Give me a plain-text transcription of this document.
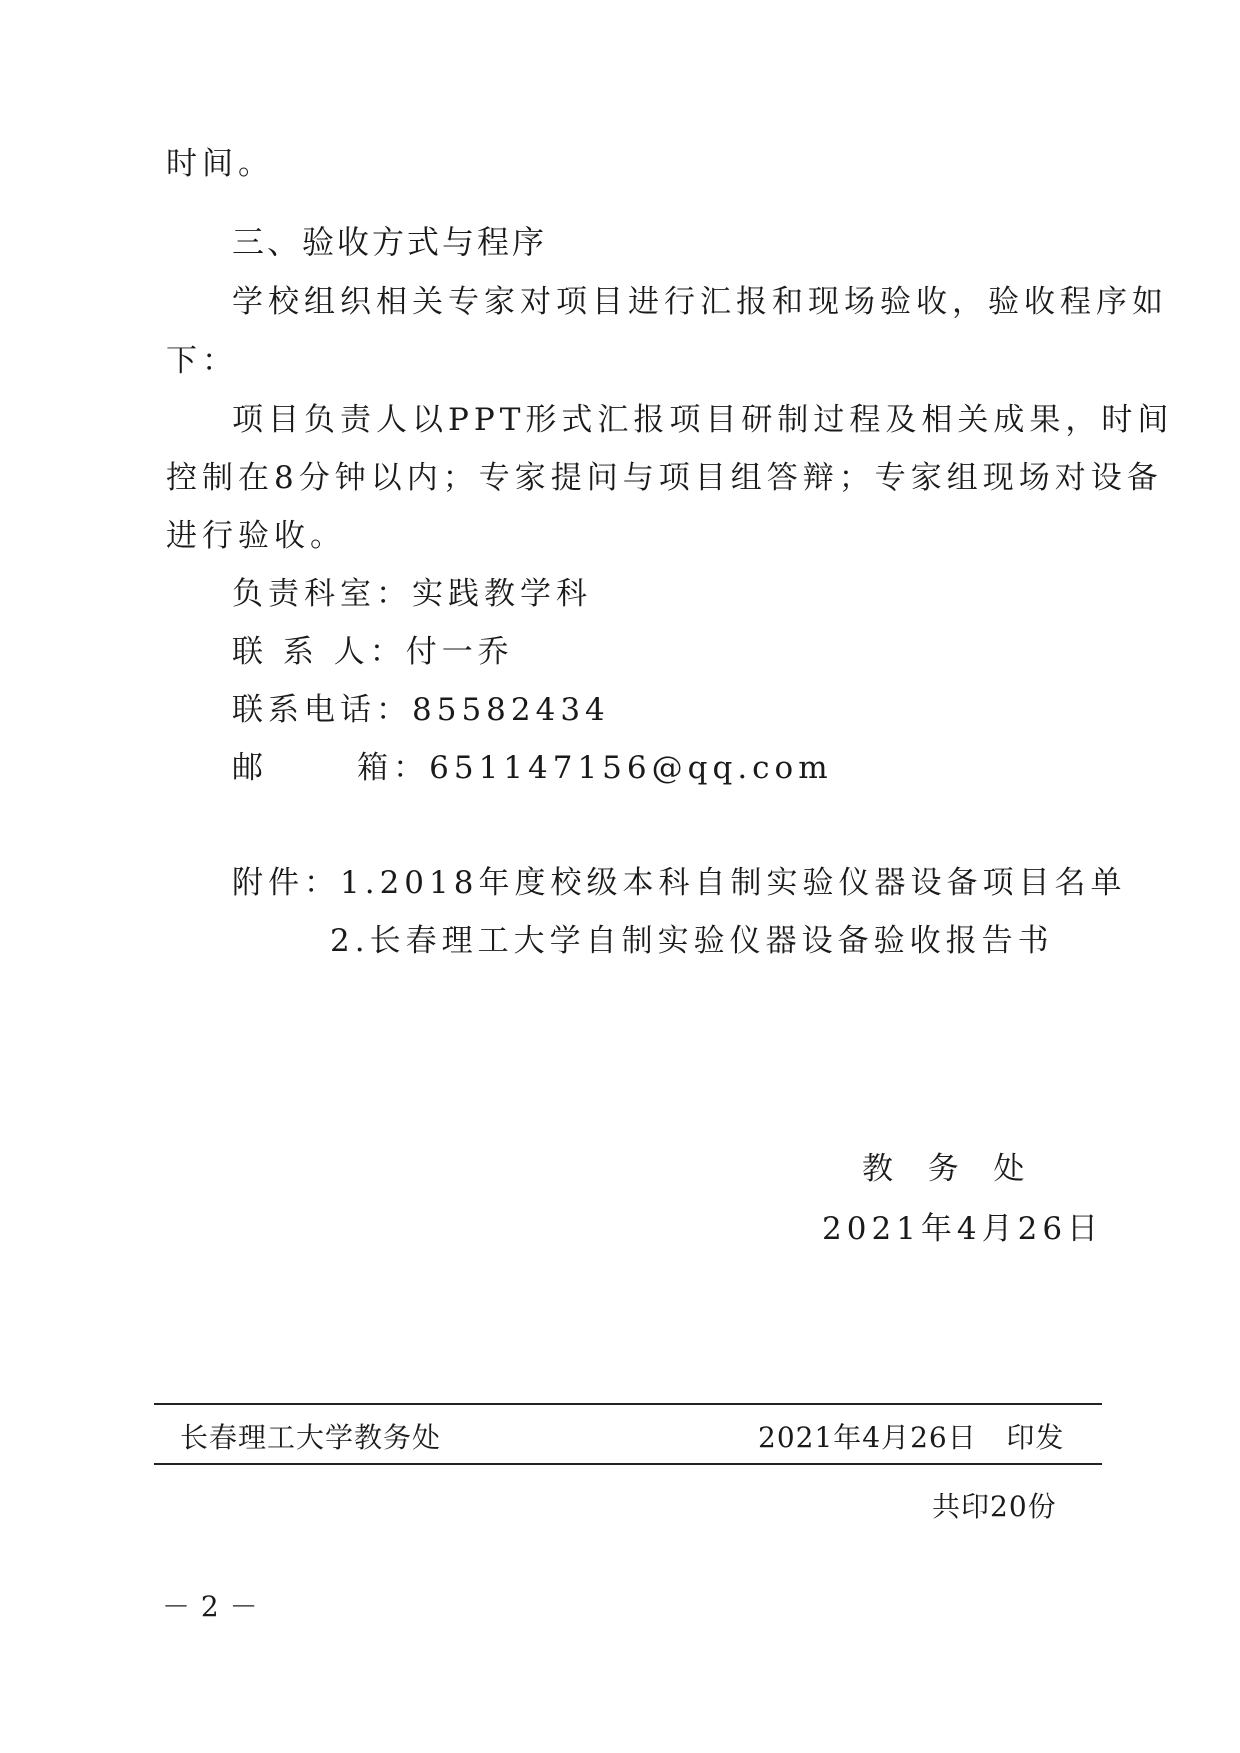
时间。
三、验收方式与程序
学校组织相关专家对项目进行汇报和现场验收，验收程序如
下：
项目负责人以PPT形式汇报项目研制过程及相关成果，时间
控制在8分钟以内；专家提问与项目组答辩；专家组现场对设备
进行验收。
负责科室：实践教学科
联 系 人：付一乔
联系电话：85582434
邮      箱：651147156@qq.com
附件：1.2018年度校级本科自制实验仪器设备项目名单
2.长春理工大学自制实验仪器设备验收报告书
教  务  处
2021年4月26日
长春理工大学教务处	2021年4月26日   印发
共印20份
－ 2 －
